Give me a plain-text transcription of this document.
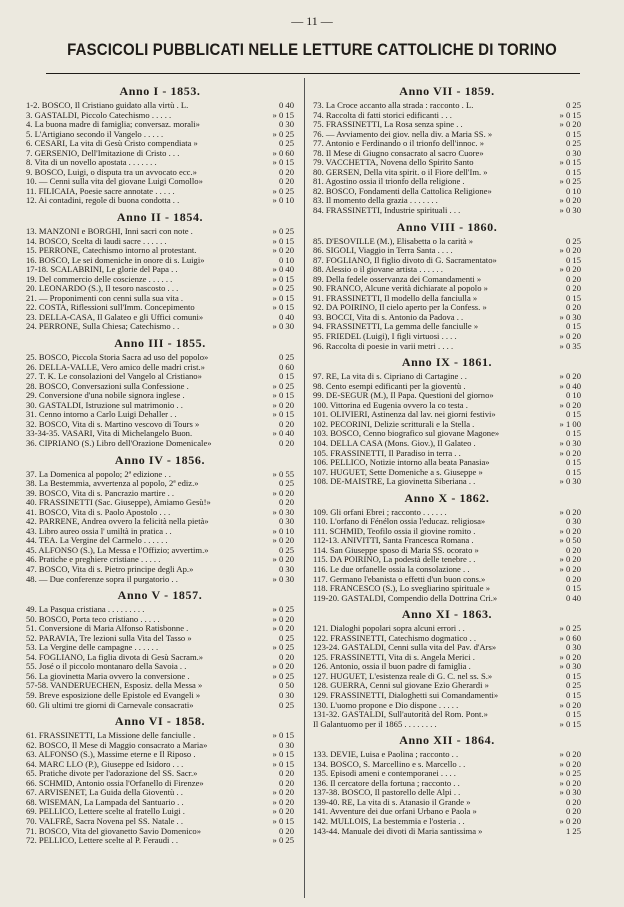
— 11 —
FASCICOLI PUBBLICATI NELLE LETTURE CATTOLICHE DI TORINO
Anno I - 1853.
1-2. BOSCO, Il Cristiano guidato alla virtù . L.	0 40
3. GASTALDI, Piccolo Catechismo . . . . .	» 0 15
4. La buona madre di famiglia; conversaz. morali»	0 30
5. L'Artigiano secondo il Vangelo . . . . .	» 0 25
6. CESARI, La vita di Gesù Cristo compendiata »	0 25
7. GERSENIO, Dell'Imitazione di Cristo . . .	» 0 60
8. Vita di un novello apostata . . . . . . .	» 0 15
9. BOSCO, Luigi, o disputa tra un avvocato ecc.»	0 20
10. — Cenni sulla vita del giovane Luigi Comollo»	0 20
11. FILICAIA, Poesie sacre annotate . . . . .	» 0 25
12. Ai contadini, regole di buona condotta . .	» 0 10
Anno II - 1854.
13. MANZONI e BORGHI, Inni sacri con note .	» 0 25
14. BOSCO, Scelta di laudi sacre . . . . . .	» 0 15
15. PERRONE, Catechismo intorno al protestant.	» 0 20
16. BOSCO, Le sei domeniche in onore di s. Luigi»	0 10
17-18. SCALABRINI, Le glorie del Papa . .	» 0 40
19. Del commercio delle coscienze . . . . . .	» 0 15
20. LEONARDO (S.), Il tesoro nascosto . . .	» 0 25
21. — Proponimenti con cenni sulla sua vita .	» 0 15
22. COSTA, Riflessioni sull'Imm. Concepimento	» 0 15
23. DELLA-CASA, Il Galateo e gli Uffici comuni»	0 40
24. PERRONE, Sulla Chiesa; Catechismo . .	» 0 30
Anno III - 1855.
25. BOSCO, Piccola Storia Sacra ad uso del popolo»	0 25
26. DELLA-VALLE, Vero amico delle madri crist.»	0 60
27. T. K. Le consolazioni del Vangelo al Cristiano»	0 15
28. BOSCO, Conversazioni sulla Confessione .	» 0 25
29. Conversione d'una nobile signora inglese .	» 0 15
30. GASTALDI, Istruzione sul matrimonio . .	» 0 20
31. Cenno intorno a Carlo Luigi Dehaller . .	» 0 15
32. BOSCO, Vita di s. Martino vescovo di Tours »	0 20
33-34-35. VASARI, Vita di Michelangelo Buon.	» 0 40
36. CIPRIANO (S.) Libro dell'Orazione Domenicale»	0 20
Anno IV - 1856.
37. La Domenica al popolo; 2ª edizione . .	» 0 55
38. La Bestemmia, avvertenza al popolo, 2ª ediz.»	0 25
39. BOSCO, Vita di s. Pancrazio martire . .	» 0 20
40. FRASSINETTI (Sac. Giuseppe), Amiamo Gesù!»	0 20
41. BOSCO, Vita di s. Paolo Apostolo . . .	» 0 30
42. PARRENE, Andrea ovvero la felicità nella pietà»	0 30
43. Libro aureo ossia l' umiltà in pratica . .	» 0 10
44. TEA. La Vergine del Carmelo . . . . . .	» 0 20
45. ALFONSO (S.), La Messa e l'Offizio; avvertim.»	0 25
46. Pratiche e preghiere cristiane . . . . .	» 0 20
47. BOSCO, Vita di s. Pietro principe degli Ap.»	0 30
48. — Due conferenze sopra il purgatorio . .	» 0 30
Anno V - 1857.
49. La Pasqua cristiana . . . . . . . . .	» 0 25
50. BOSCO, Porta teco cristiano . . . . .	» 0 20
51. Conversione di Maria Alfonso Ratisbonne .	» 0 20
52. PARAVIA, Tre lezioni sulla Vita del Tasso »	0 25
53. La Vergine delle campagne . . . . . .	» 0 25
54. FOGLIANO, La figlia divota di Gesù Sacram.»	0 20
55. José o il piccolo montanaro della Savoia . .	» 0 20
56. La giovinetta Maria ovvero la conversione .	» 0 25
57-58. VANDERUECHEN, Esposiz. della Messa »	0 50
59. Breve esposizione delle Epistole ed Evangeli »	0 30
60. Gli ultimi tre giorni di Carnevale consacrati»	0 25
Anno VI - 1858.
61. FRASSINETTI, La Missione delle fanciulle .	» 0 15
62. BOSCO, Il Mese di Maggio consacrato a Maria»	0 30
63. ALFONSO (S.), Massime eterne e Il Riposo .	» 0 15
64. MARC LLO (P.), Giuseppe ed Isidoro . . .	» 0 15
65. Pratiche divote per l'adorazione del SS. Sacr.»	0 20
66. SCHMID, Antonio ossia l'Orfanello di Firenze»	0 20
67. ARVISENET, La Guida della Gioventù . .	» 0 20
68. WISEMAN, La Lampada del Santuario . .	» 0 20
69. PELLICO, Lettere scelte al fratello Luigi .	» 0 20
70. VALFRÈ, Sacra Novena pel SS. Natale . .	» 0 15
71. BOSCO, Vita del giovanetto Savio Domenico»	0 20
72. PELLICO, Lettere scelte al P. Feraudi . .	» 0 25
Anno VII - 1859.
73. La Croce accanto alla strada : racconto . L.	0 25
74. Raccolta di fatti storici edificanti . . .	» 0 15
75. FRASSINETTI, La Rosa senza spine . .	» 0 20
76. — Avviamento dei giov. nella div. a Maria SS. »	0 15
77. Antonio e Ferdinando o il trionfo dell'innoc. »	0 25
78. Il Mese di Giugno consacrato al sacro Cuore»	0 30
79. VACCHETTA, Novena dello Spirito Santo	» 0 15
80. GERSEN, Della vita spirit. o il Fiore dell'Im. »	0 15
81. Agostino ossia il trionfo della religione .	» 0 25
82. BOSCO, Fondamenti della Cattolica Religione»	0 10
83. Il momento della grazia . . . . . . .	» 0 20
84. FRASSINETTI, Industrie spirituali . . .	» 0 30
Anno VIII - 1860.
85. D'ESOVILLE (M.), Elisabetta o la carità »	0 25
86. SIGOLI, Viaggio in Terra Santa . . . .	» 0 20
87. FOGLIANO, Il figlio divoto di G. Sacramentato»	0 15
88. Alessio o il giovane artista . . . . . .	» 0 20
89. Della fedele osservanza dei Comandamenti »	0 20
90. FRANCO, Alcune verità dichiarate al popolo »	0 20
91. FRASSINETTI, Il modello della fanciulla »	0 15
92. DA POIRINO, Il cielo aperto per la Confess. »	0 20
93. BOCCI, Vita di s. Antonio da Padova . .	» 0 30
94. FRASSINETTI, La gemma delle fanciulle »	0 15
95. FRIEDEL (Luigi), I figli virtuosi . . . .	» 0 20
96. Raccolta di poesie in varii metri . . . .	» 0 35
Anno IX - 1861.
97. RE, La vita di s. Cipriano di Cartagine . .	» 0 20
98. Cento esempi edificanti per la gioventù .	» 0 40
99. DE-SEGUR (M.), Il Papa. Questioni del giorno»	0 10
100. Vittorina ed Eugenia ovvero la co testa .	» 0 20
101. OLIVIERI, Astinenza dal lav. nei giorni festivi»	0 15
102. PECORINI, Delizie scritturali e la Stella .	» 1 00
103. BOSCO, Cenno biografico sul giovane Magone»	0 15
104. DELLA CASA (Mons. Giov.), Il Galateo .	» 0 30
105. FRASSINETTI, Il Paradiso in terra . .	» 0 20
106. PELLICO, Notizie intorno alla beata Panasia»	0 15
107. HUGUET, Sette Domeniche a s. Giuseppe »	0 15
108. DE-MAISTRE, La giovinetta Siberiana . .	» 0 30
Anno X - 1862.
109. Gli orfani Ebrei ; racconto . . . . . .	» 0 20
110. L'orfano di Fénélon ossia l'educaz. religiosa»	0 30
111. SCHMID, Teofilo ossia il giovine romito .	» 0 20
112-13. ANIVITTI, Santa Francesca Romana .	» 0 50
114. San Giuseppe sposo di Maria SS. ocorato »	0 20
115. DA POIRINO, La podestà delle tenebre . .	» 0 20
116. Le due orfanelle ossia la consolazione . .	» 0 20
117. Germano l'ebanista o effetti d'un buon cons.»	0 20
118. FRANCESCO (S.), Lo svegliarino spirituale »	0 15
119-20. GASTALDI, Compendio della Dottrina Cri.»	0 40
Anno XI - 1863.
121. Dialoghi popolari sopra alcuni errori . .	» 0 25
122. FRASSINETTI, Catechismo dogmatico . .	» 0 60
123-24. GASTALDI, Cenni sulla vita del Pav. d'Ars»	0 30
125. FRASSINETTI, Vita di s. Angela Merici .	» 0 20
126. Antonio, ossia il buon padre di famiglia .	» 0 30
127. HUGUET, L'esistenza reale di G. C. nel ss. S.»	0 15
128. GUERRA, Cenni sul giovane Ezio Gherardi »	0 25
129. FRASSINETTI, Dialoghetti sui Comandamenti»	0 15
130. L'uomo propone e Dio dispone . . . . .	» 0 20
131-32. GASTALDI, Sull'autorità del Rom. Pont.»	0 15
Il Galantuomo per il 1865 . . . . . . . .	» 0 15
Anno XII - 1864.
133. DEVIE, Luisa e Paolina ; racconto . .	» 0 20
134. BOSCO, S. Marcellino e s. Marcello . .	» 0 20
135. Episodi ameni e contemporanei . . . .	» 0 25
136. Il cercatore della fortuna ; racconto . .	» 0 20
137-38. BOSCO, Il pastorello delle Alpi . .	» 0 30
139-40. RE, La vita di s. Atanasio il Grande »	0 20
141. Avventure dei due orfani Urbano e Paola »	0 20
142. MULLOIS, La bestemmia e l'osteria . .	» 0 20
143-44. Manuale dei divoti di Maria santissima »	1 25
